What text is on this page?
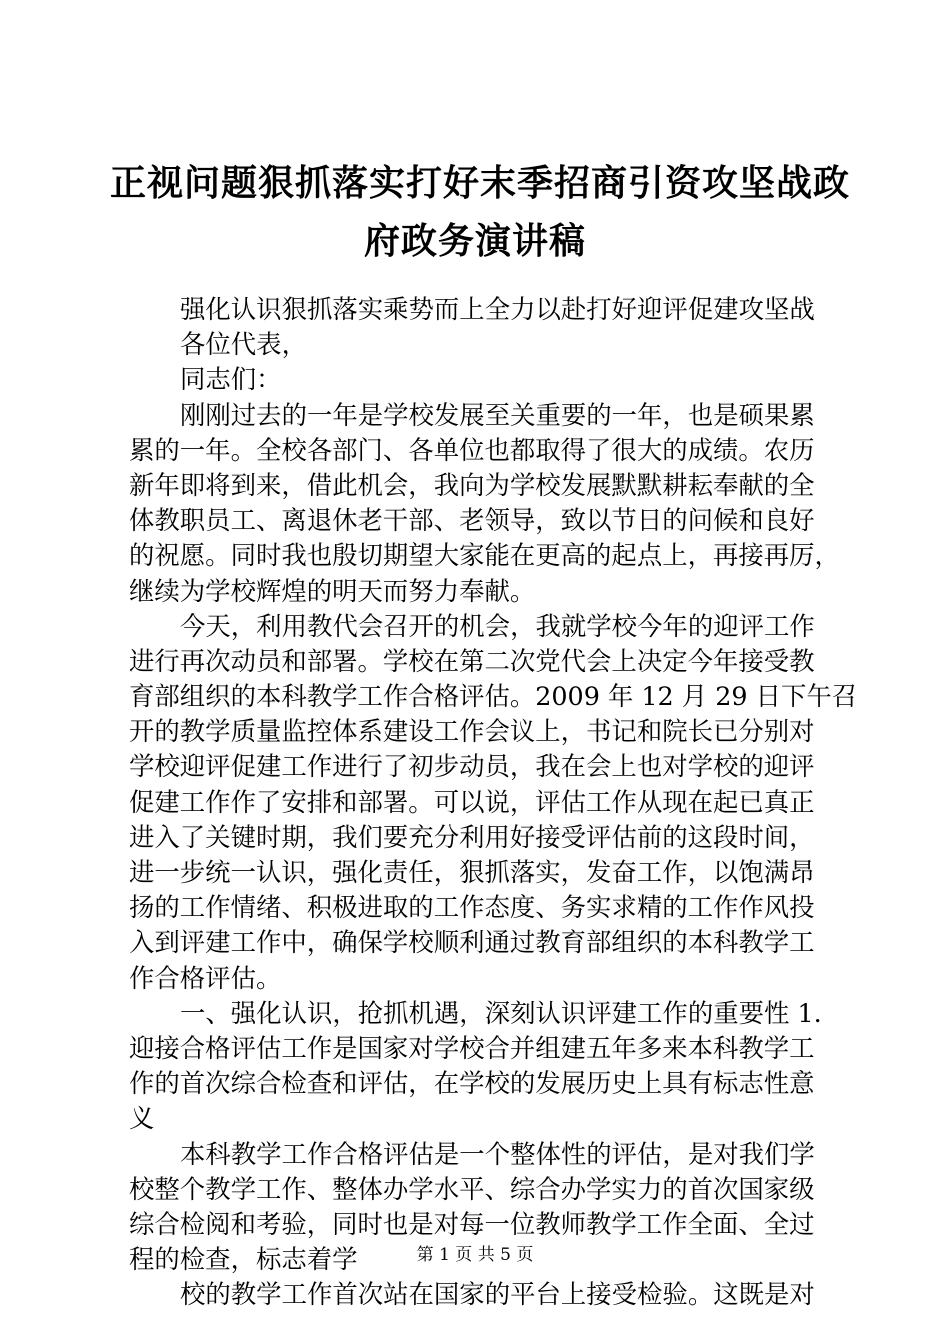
正视问题狠抓落实打好末季招商引资攻坚战政
府政务演讲稿
强化认识狠抓落实乘势而上全力以赴打好迎评促建攻坚战
各位代表，
同志们：
刚刚过去的一年是学校发展至关重要的一年，也是硕果累
累的一年。全校各部门、各单位也都取得了很大的成绩。农历
新年即将到来，借此机会，我向为学校发展默默耕耘奉献的全
体教职员工、离退休老干部、老领导，致以节日的问候和良好
的祝愿。同时我也殷切期望大家能在更高的起点上，再接再厉，
继续为学校辉煌的明天而努力奉献。
今天，利用教代会召开的机会，我就学校今年的迎评工作
进行再次动员和部署。学校在第二次党代会上决定今年接受教
育部组织的本科教学工作合格评估。2009 年 12 月 29 日下午召
开的教学质量监控体系建设工作会议上，书记和院长已分别对
学校迎评促建工作进行了初步动员，我在会上也对学校的迎评
促建工作作了安排和部署。可以说，评估工作从现在起已真正
进入了关键时期，我们要充分利用好接受评估前的这段时间，
进一步统一认识，强化责任，狠抓落实，发奋工作，以饱满昂
扬的工作情绪、积极进取的工作态度、务实求精的工作作风投
入到评建工作中，确保学校顺利通过教育部组织的本科教学工
作合格评估。
一、强化认识，抢抓机遇，深刻认识评建工作的重要性 1.
迎接合格评估工作是国家对学校合并组建五年多来本科教学工
作的首次综合检查和评估，在学校的发展历史上具有标志性意
义
本科教学工作合格评估是一个整体性的评估，是对我们学
校整个教学工作、整体办学水平、综合办学实力的首次国家级
综合检阅和考验，同时也是对每一位教师教学工作全面、全过
程的检查，标志着学
校的教学工作首次站在国家的平台上接受检验。这既是对
第 1 页 共 5 页
